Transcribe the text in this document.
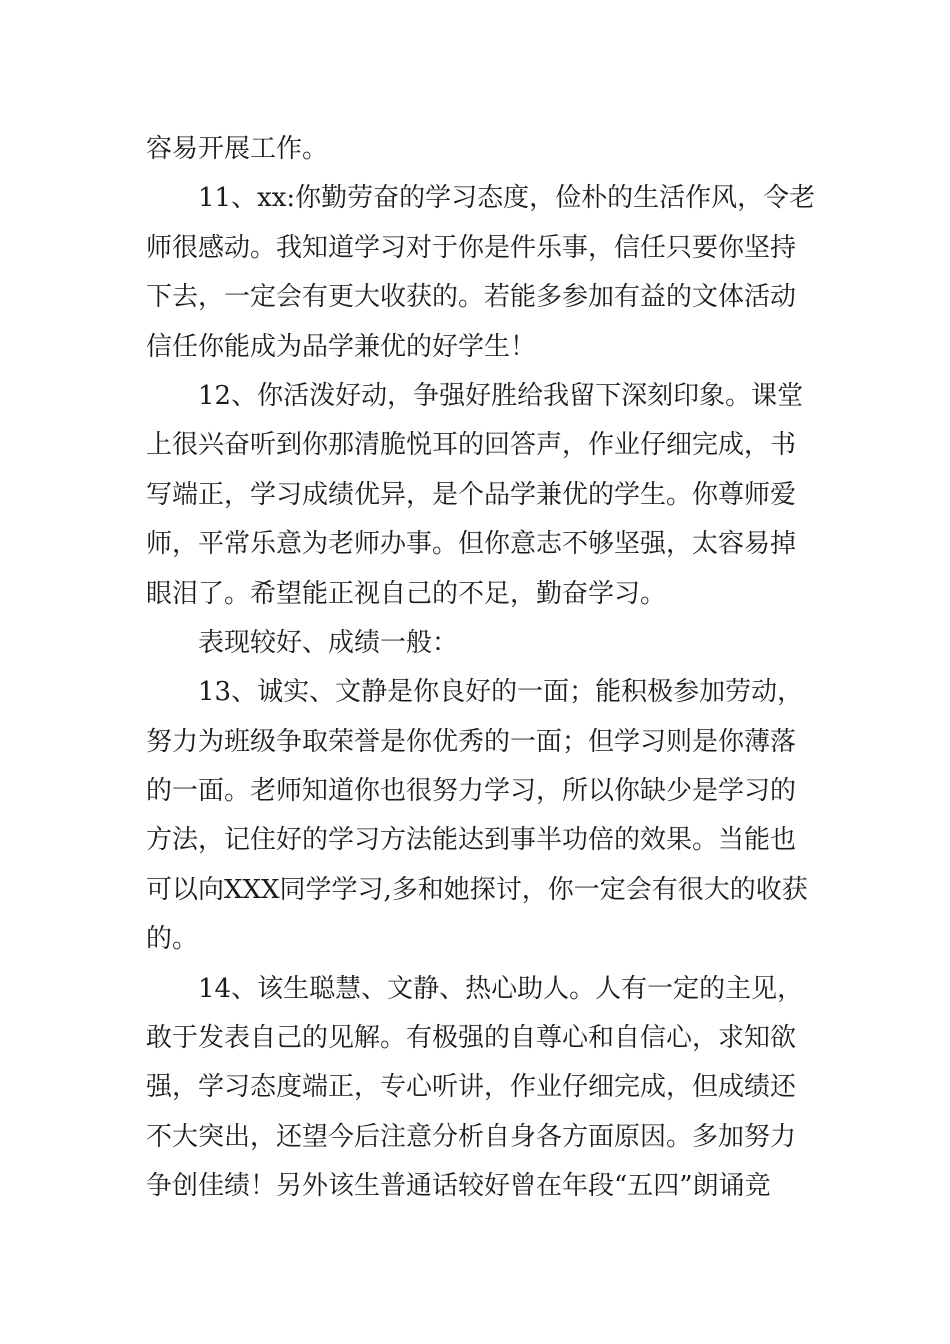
容易开展工作。

11、xx:你勤劳奋的学习态度，俭朴的生活作风，令老

师很感动。我知道学习对于你是件乐事，信任只要你坚持
下去，一定会有更大收获的。若能多参加有益的文体活动
信任你能成为品学兼优的好学生！

12、你活泼好动，争强好胜给我留下深刻印象。课堂

上很兴奋听到你那清脆悦耳的回答声，作业仔细完成，书
写端正，学习成绩优异，是个品学兼优的学生。你尊师爱
师，平常乐意为老师办事。但你意志不够坚强，太容易掉
眼泪了。希望能正视自己的不足，勤奋学习。

表现较好、成绩一般：

13、诚实、文静是你良好的一面；能积极参加劳动，

努力为班级争取荣誉是你优秀的一面；但学习则是你薄落
的一面。老师知道你也很努力学习，所以你缺少是学习的
方法，记住好的学习方法能达到事半功倍的效果。当能也
可以向XXX同学学习,多和她探讨，你一定会有很大的收获
的。

14、该生聪慧、文静、热心助人。人有一定的主见，

敢于发表自己的见解。有极强的自尊心和自信心，求知欲
强，学习态度端正，专心听讲，作业仔细完成，但成绩还
不大突出，还望今后注意分析自身各方面原因。多加努力
争创佳绩！另外该生普通话较好曾在年段“五四”朗诵竞
